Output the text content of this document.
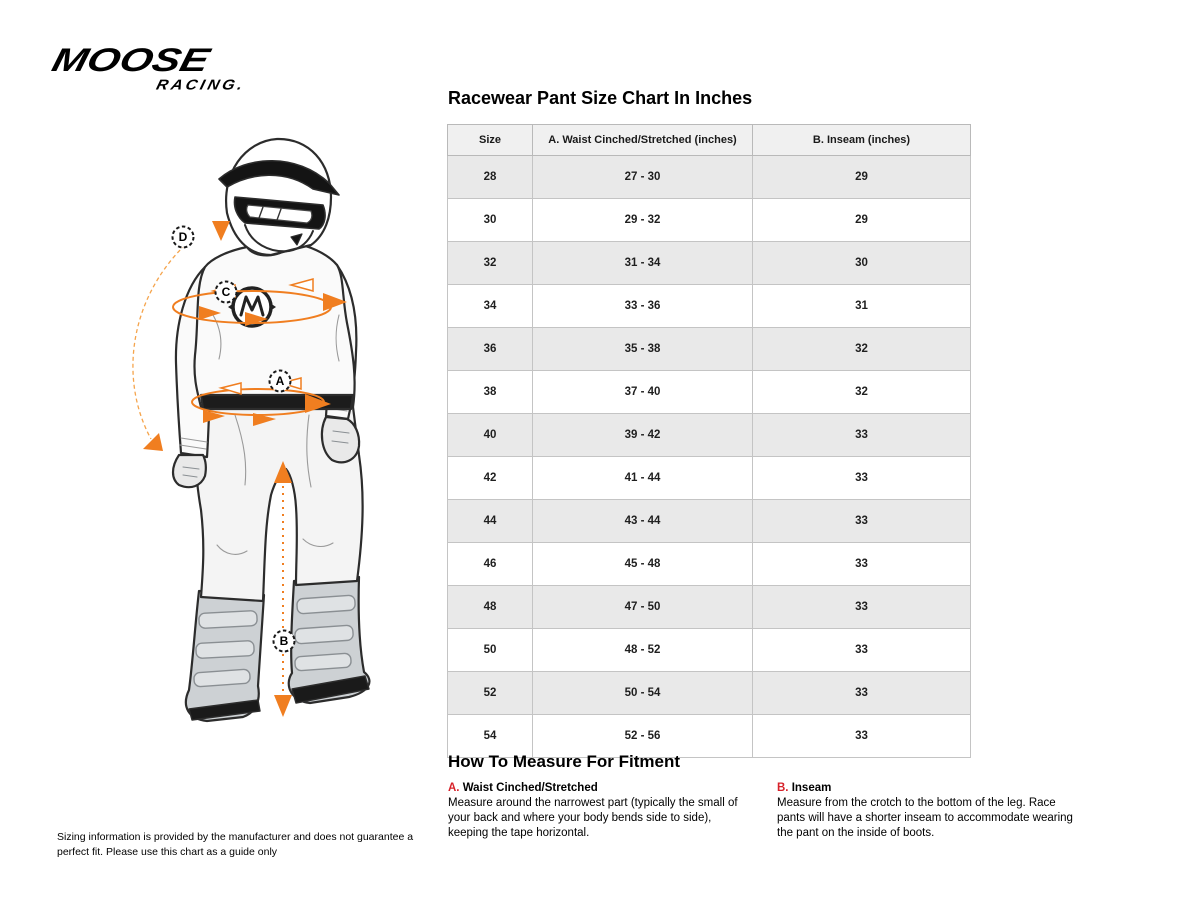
MOOSE
RACING.
D
C
A
B
Racewear Pant Size Chart In Inches
Size	A. Waist Cinched/Stretched (inches)	B. Inseam (inches)
28	27 - 30	29
30	29 - 32	29
32	31 - 34	30
34	33 - 36	31
36	35 - 38	32
38	37 - 40	32
40	39 - 42	33
42	41 - 44	33
44	43 - 44	33
46	45 - 48	33
48	47 - 50	33
50	48 - 52	33
52	50 - 54	33
54	52 - 56	33
How To Measure For Fitment
A. Waist Cinched/Stretched
Measure around the narrowest part (typically the small of your back and where your body bends side to side), keeping the tape horizontal.
B. Inseam
Measure from the crotch to the bottom of the leg. Race pants will have a shorter inseam to accommodate wearing the pant on the inside of boots.
Sizing information is provided by the manufacturer and does not guarantee a perfect fit. Please use this chart as a guide only
